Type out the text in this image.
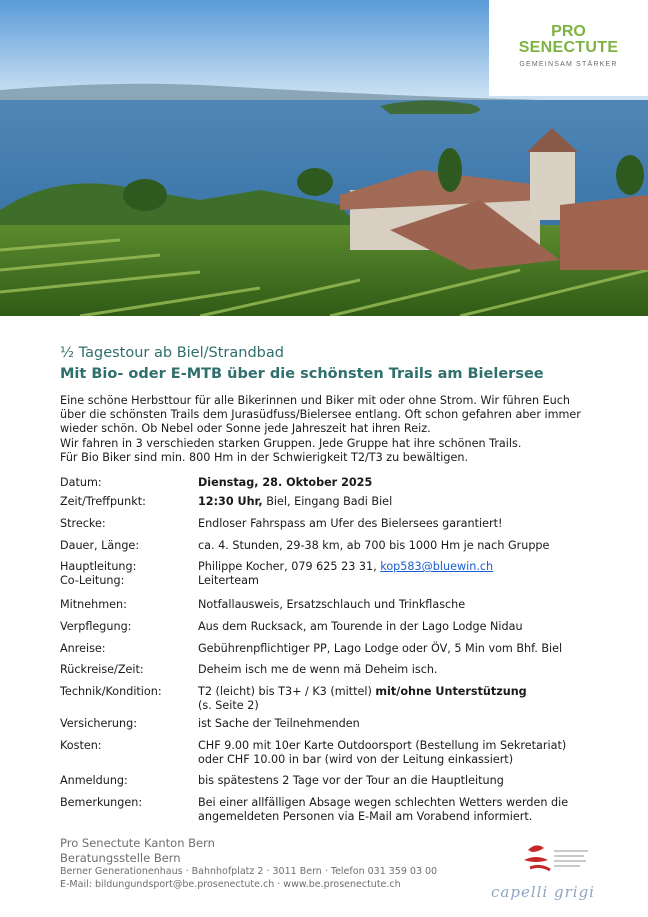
PRO
SENECTUTE
GEMEINSAM STÄRKER
½ Tagestour ab Biel/Strandbad
Mit Bio- oder E-MTB über die schönsten Trails am Bielersee
Eine schöne Herbsttour für alle Bikerinnen und Biker mit oder ohne Strom. Wir führen Euch
über die schönsten Trails dem Jurasüdfuss/Bielersee entlang. Oft schon gefahren aber immer
wieder schön. Ob Nebel oder Sonne jede Jahreszeit hat ihren Reiz.
Wir fahren in 3 verschieden starken Gruppen. Jede Gruppe hat ihre schönen Trails.
Für Bio Biker sind min. 800 Hm in der Schwierigkeit T2/T3 zu bewältigen.
Datum:	Dienstag, 28. Oktober 2025
Zeit/Treffpunkt:	12:30 Uhr, Biel, Eingang Badi Biel
Strecke:	Endloser Fahrspass am Ufer des Bielersees garantiert!
Dauer, Länge:	ca. 4. Stunden, 29-38 km, ab 700 bis 1000 Hm je nach Gruppe
Hauptleitung:	Philippe Kocher, 079 625 23 31, kop583@bluewin.ch
Co-Leitung:	Leiterteam
Mitnehmen:	Notfallausweis, Ersatzschlauch und Trinkflasche
Verpflegung:	Aus dem Rucksack, am Tourende in der Lago Lodge Nidau
Anreise:	Gebührenpflichtiger PP, Lago Lodge oder ÖV, 5 Min vom Bhf. Biel
Rückreise/Zeit:	Deheim isch me de wenn mä Deheim isch.
Technik/Kondition:	T2 (leicht) bis T3+ / K3 (mittel) mit/ohne Unterstützung
(s. Seite 2)
Versicherung:	ist Sache der Teilnehmenden
Kosten:	CHF 9.00 mit 10er Karte Outdoorsport (Bestellung im Sekretariat)
oder CHF 10.00 in bar (wird von der Leitung einkassiert)
Anmeldung:	bis spätestens 2 Tage vor der Tour an die Hauptleitung
Bemerkungen:	Bei einer allfälligen Absage wegen schlechten Wetters werden die
angemeldeten Personen via E-Mail am Vorabend informiert.
Pro Senectute Kanton Bern
Beratungsstelle Bern
Berner Generationenhaus · Bahnhofplatz 2 · 3011 Bern · Telefon 031 359 03 00
E-Mail: bildungundsport@be.prosenectute.ch · www.be.prosenectute.ch	capelli grigi
